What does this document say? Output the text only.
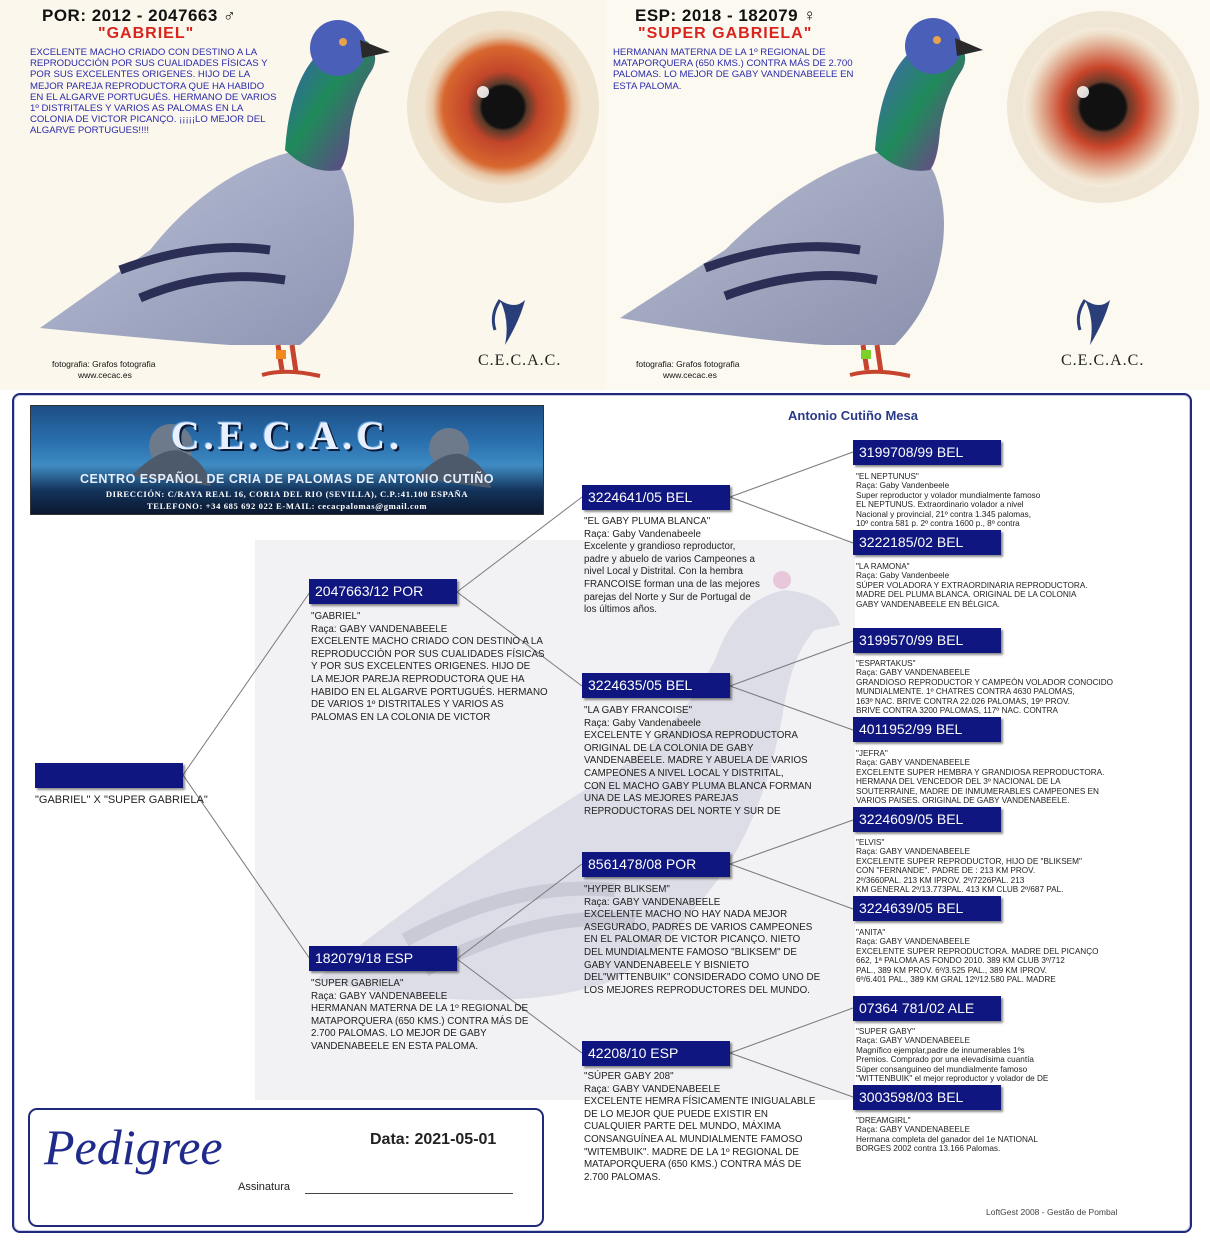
POR: 2012 - 2047663 ♂
"GABRIEL"
EXCELENTE MACHO CRIADO CON DESTINO A LA REPRODUCCIÓN POR SUS CUALIDADES FÍSICAS Y POR SUS EXCELENTES ORIGENES. HIJO DE LA MEJOR PAREJA REPRODUCTORA QUE HA HABIDO EN EL ALGARVE PORTUGUÉS. HERMANO DE VARIOS 1º DISTRITALES Y VARIOS AS PALOMAS EN LA COLONIA DE VICTOR PICANÇO. ¡¡¡¡¡LO MEJOR DEL ALGARVE PORTUGUES!!!!
C.E.C.A.C.
fotografia: Grafos fotografia
www.cecac.es
ESP: 2018 - 182079 ♀
"SUPER GABRIELA"
HERMANAN MATERNA DE LA 1º REGIONAL DE MATAPORQUERA (650 KMS.) CONTRA MÁS DE 2.700 PALOMAS. LO MEJOR DE GABY VANDENABEELE EN ESTA PALOMA.
C.E.C.A.C.
fotografia: Grafos fotografia
www.cecac.es
C.E.C.A.C.
CENTRO ESPAÑOL DE CRIA DE PALOMAS DE ANTONIO CUTIÑO
DIRECCIÓN: C/RAYA REAL 16, CORIA DEL RIO (SEVILLA), C.P.:41.100 ESPAÑA
TELEFONO: +34 685 692 022 E-MAIL: cecacpalomas@gmail.com
Antonio Cutiño Mesa
"GABRIEL" X "SUPER GABRIELA"
2047663/12 POR
"GABRIEL"
Raça: GABY VANDENABEELE
EXCELENTE MACHO CRIADO CON DESTINO A LA
REPRODUCCIÓN POR SUS CUALIDADES FÍSICAS
Y POR SUS EXCELENTES ORIGENES. HIJO DE
LA MEJOR PAREJA REPRODUCTORA QUE HA
HABIDO EN EL ALGARVE PORTUGUÉS. HERMANO
DE VARIOS 1º DISTRITALES Y VARIOS AS
PALOMAS EN LA COLONIA DE VICTOR
182079/18 ESP
"SUPER GABRIELA"
Raça: GABY VANDENABEELE
HERMANAN MATERNA DE LA 1º REGIONAL DE
MATAPORQUERA (650 KMS.) CONTRA MÁS DE
2.700 PALOMAS. LO MEJOR DE GABY
VANDENABEELE EN ESTA PALOMA.
3224641/05 BEL
"EL GABY PLUMA BLANCA"
Raça: Gaby Vandenabeele
Excelente y grandioso reproductor,
padre y abuelo de varios Campeones a
nivel Local y Distrital. Con la hembra
FRANCOISE forman una de las mejores
parejas del Norte y Sur de Portugal de
los últimos años.
3224635/05 BEL
"LA GABY FRANCOISE"
Raça: Gaby Vandenabeele
EXCELENTE Y GRANDIOSA REPRODUCTORA
ORIGINAL DE LA COLONIA DE GABY
VANDENABEELE. MADRE Y ABUELA DE VARIOS
CAMPEONES A NIVEL LOCAL Y DISTRITAL,
CON EL MACHO GABY PLUMA BLANCA FORMAN
UNA DE LAS MEJORES PAREJAS
REPRODUCTORAS DEL NORTE Y SUR DE
8561478/08 POR
"HYPER BLIKSEM"
Raça: GABY VANDENABEELE
EXCELENTE MACHO NO HAY NADA MEJOR
ASEGURADO, PADRES DE VARIOS CAMPEONES
EN EL PALOMAR DE VICTOR PICANÇO. NIETO
DEL MUNDIALMENTE FAMOSO "BLIKSEM" DE
GABY VANDENABEELE Y BISNIETO
DEL"WITTENBUIK" CONSIDERADO COMO UNO DE
LOS MEJORES REPRODUCTORES DEL MUNDO.
42208/10 ESP
"SÚPER GABY 208"
Raça: GABY VANDENABEELE
EXCELENTE HEMRA FÍSICAMENTE INIGUALABLE
DE LO MEJOR QUE PUEDE EXISTIR EN
CUALQUIER PARTE DEL MUNDO, MÁXIMA
CONSANGUÍNEA AL MUNDIALMENTE FAMOSO
"WITEMBUIK". MADRE DE LA 1º REGIONAL DE
MATAPORQUERA (650 KMS.) CONTRA MÁS DE
2.700 PALOMAS.
3199708/99 BEL
"EL NEPTUNUS"
Raça: Gaby Vandenbeele
Super reproductor y volador mundialmente famoso
EL NEPTUNUS. Extraordinario volador a nivel
Nacional y provincial, 21º contra 1.345 palomas,
10º contra 581 p. 2º contra 1600 p., 8º contra
3222185/02 BEL
"LA RAMONA"
Raça: Gaby Vandenbeele
SÚPER VOLADORA Y EXTRAORDINARIA REPRODUCTORA.
MADRE DEL PLUMA BLANCA. ORIGINAL DE LA COLONIA
GABY VANDENABEELE EN BÉLGICA.
3199570/99 BEL
"ESPARTAKUS"
Raça: GABY VANDENABEELE
GRANDIOSO REPRODUCTOR Y CAMPEÓN VOLADOR CONOCIDO
MUNDIALMENTE. 1º CHATRES CONTRA 4630 PALOMAS,
163º NAC. BRIVE CONTRA 22.026 PALOMAS, 19º PROV.
BRIVE CONTRA 3200 PALOMAS, 117º NAC. CONTRA
4011952/99 BEL
"JEFRA"
Raça: GABY VANDENABEELE
EXCELENTE SUPER HEMBRA Y GRANDIOSA REPRODUCTORA.
HERMANA DEL VENCEDOR DEL 3º NACIONAL DE LA
SOUTERRAINE, MADRE DE INMUMERABLES CAMPEONES EN
VARIOS PAISES. ORIGINAL DE GABY VANDENABEELE.
3224609/05 BEL
"ELVIS"
Raça: GABY VANDENABEELE
EXCELENTE SUPER REPRODUCTOR, HIJO DE "BLIKSEM"
CON "FERNANDE". PADRE DE : 213 KM PROV.
2º/3660PAL. 213 KM IPROV. 2º/7226PAL. 213
KM GENERAL 2º/13.773PAL. 413 KM CLUB 2º/687 PAL.
3224639/05 BEL
"ANITA"
Raça: GABY VANDENABEELE
EXCELENTE SUPER REPRODUCTORA. MADRE DEL PICANÇO
662, 1ª PALOMA AS FONDO 2010. 389 KM CLUB 3º/712
PAL., 389 KM PROV. 6º/3.525 PAL., 389 KM IPROV.
6º/6.401 PAL., 389 KM GRAL 12º/12.580 PAL. MADRE
07364 781/02 ALE
"SUPER GABY"
Raça: GABY VANDENABEELE
Magnífico ejemplar,padre de innumerables 1ºs
Premios. Comprado por una elevadísima cuantía
Súper consanguineo del mundialmente famoso
"WITTENBUIK" el mejor reproductor y volador de DE
3003598/03 BEL
"DREAMGIRL"
Raça: GABY VANDENABEELE
Hermana completa del ganador del 1e NATIONAL
BORGES 2002 contra 13.166 Palomas.
Pedigree	Data: 2021-05-01
Assinatura
LoftGest 2008 - Gestão de Pombal
